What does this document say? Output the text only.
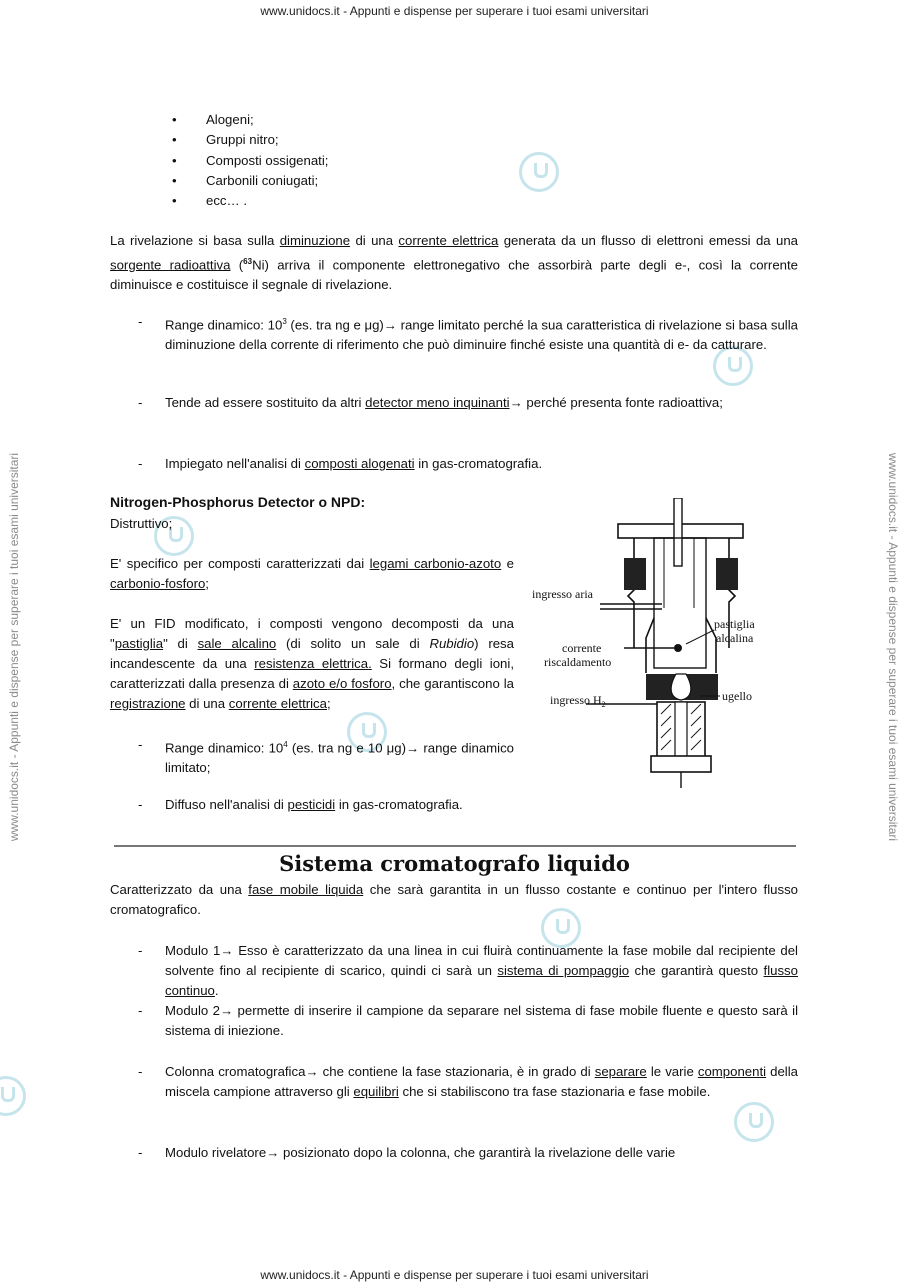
www.unidocs.it - Appunti e dispense per superare i tuoi esami universitari
www.unidocs.it - Appunti e dispense per superare i tuoi esami universitari
www.unidocs.it - Appunti e dispense per superare i tuoi esami universitari	www.unidocs.it - Appunti e dispense per superare i tuoi esami universitari
• Alogeni;
• Gruppi nitro;
• Composti ossigenati;
• Carbonili coniugati;
• ecc… .

La rivelazione si basa sulla diminuzione di una corrente elettrica generata da un flusso di elettroni emessi da una sorgente radioattiva ($^{63}$Ni) arriva il componente elettronegativo che assorbirà parte degli e-, così la corrente diminuisce e costituisce il segnale di rivelazione.

- Range dinamico: $10^3$ (es. tra ng e μg)→ range limitato perché la sua caratteristica di rivelazione si basa sulla diminuzione della corrente di riferimento che può diminuire finché esiste una quantità di e- da catturare.
- Tende ad essere sostituito da altri detector meno inquinanti→ perché presenta fonte radioattiva;
- Impiegato nell'analisi di composti alogenati in gas-cromatografia.
Nitrogen-Phosphorus Detector o NPD:
Distruttivo;

E' specifico per composti caratterizzati dai legami carbonio-azoto e carbonio-fosforo;

E' un FID modificato, i composti vengono decomposti da una "pastiglia" di sale alcalino (di solito un sale di Rubidio) resa incandescente da una resistenza elettrica. Si formano degli ioni, caratterizzati dalla presenza di azoto e/o fosforo, che garantiscono la registrazione di una corrente elettrica;

- Range dinamico: $10^4$ (es. tra ng e 10 μg)→ range dinamico limitato;
- Diffuso nell'analisi di pesticidi in gas-cromatografia.
ingresso aria
corrente
riscaldamento
ingresso $H_2$
pastiglia
alcalina
ugello
Sistema cromatografo liquido

Caratterizzato da una fase mobile liquida che sarà garantita in un flusso costante e continuo per l'intero flusso cromatografico.

- Modulo 1→ Esso è caratterizzato da una linea in cui fluirà continuamente la fase mobile dal recipiente del solvente fino al recipiente di scarico, quindi ci sarà un sistema di pompaggio che garantirà questo flusso continuo.
- Modulo 2→ permette di inserire il campione da separare nel sistema di fase mobile fluente e questo sarà il sistema di iniezione.
- Colonna cromatografica→ che contiene la fase stazionaria, è in grado di separare le varie componenti della miscela campione attraverso gli equilibri che si stabiliscono tra fase stazionaria e fase mobile.
- Modulo rivelatore→ posizionato dopo la colonna, che garantirà la rivelazione delle varie
